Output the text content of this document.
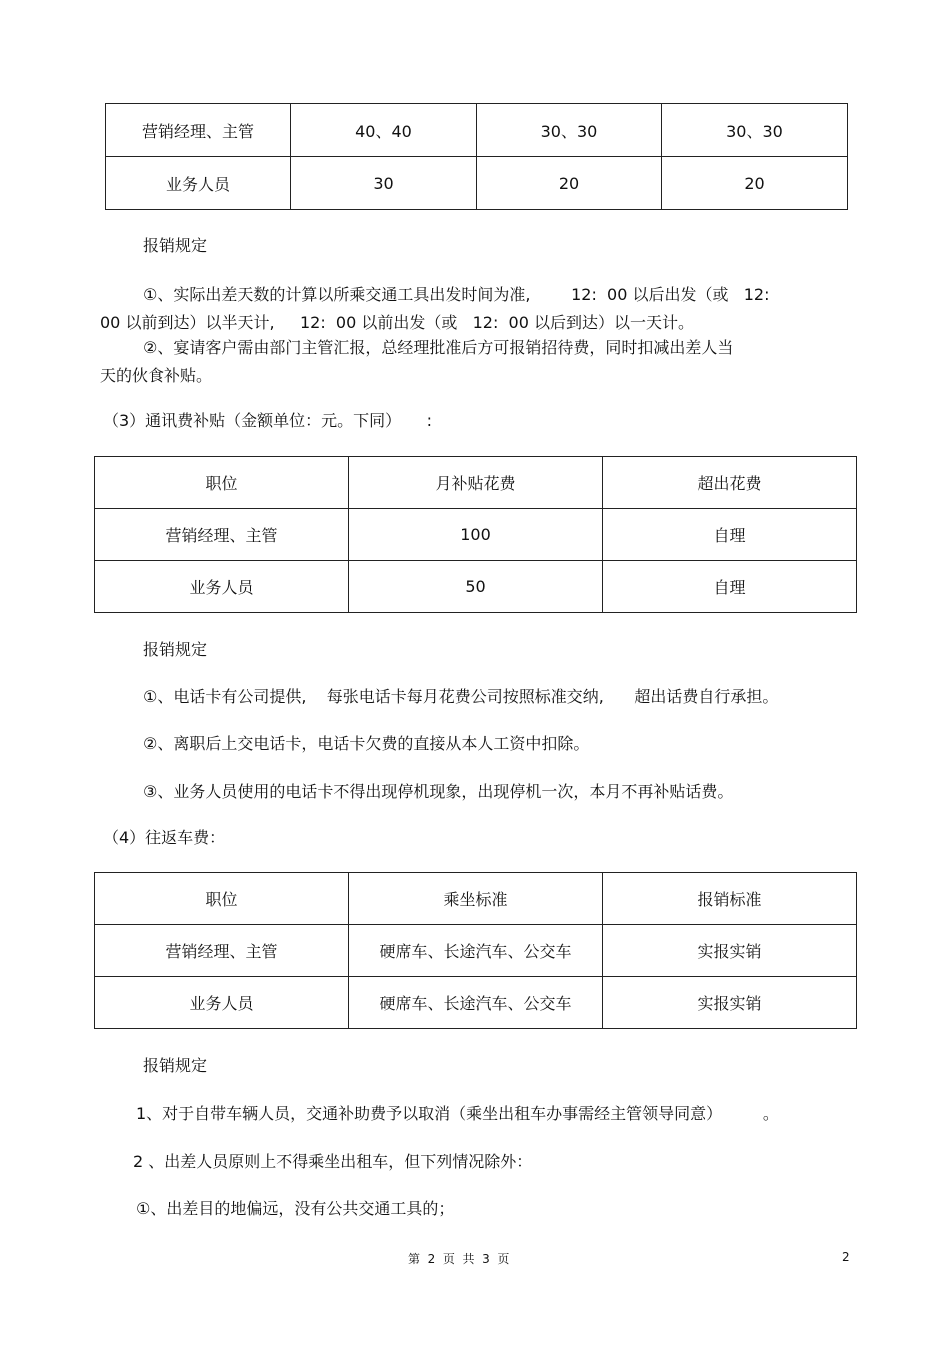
营销经理、主管	40、40	30、30	30、30
业务人员	30	20	20
报销规定
①、实际出差天数的计算以所乘交通工具出发时间为准,        12:  00 以后出发（或   12:
00 以前到达）以半天计,     12:  00 以前出发（或   12:  00 以后到达）以一天计。
②、宴请客户需由部门主管汇报，总经理批准后方可报销招待费，同时扣减出差人当
天的伙食补贴。
（3）通讯费补贴（金额单位：元。下同）     :
职位	月补贴花费	超出花费
营销经理、主管	100	自理
业务人员	50	自理
报销规定
①、电话卡有公司提供,    每张电话卡每月花费公司按照标准交纳,      超出话费自行承担。
②、离职后上交电话卡，电话卡欠费的直接从本人工资中扣除。
③、业务人员使用的电话卡不得出现停机现象，出现停机一次，本月不再补贴话费。
（4）往返车费：
职位	乘坐标准	报销标准
营销经理、主管	硬席车、长途汽车、公交车	实报实销
业务人员	硬席车、长途汽车、公交车	实报实销
报销规定
1、对于自带车辆人员，交通补助费予以取消（乘坐出租车办事需经主管领导同意）        。
2 、出差人员原则上不得乘坐出租车，但下列情况除外：
①、出差目的地偏远，没有公共交通工具的；
第  2  页  共  3  页	2
